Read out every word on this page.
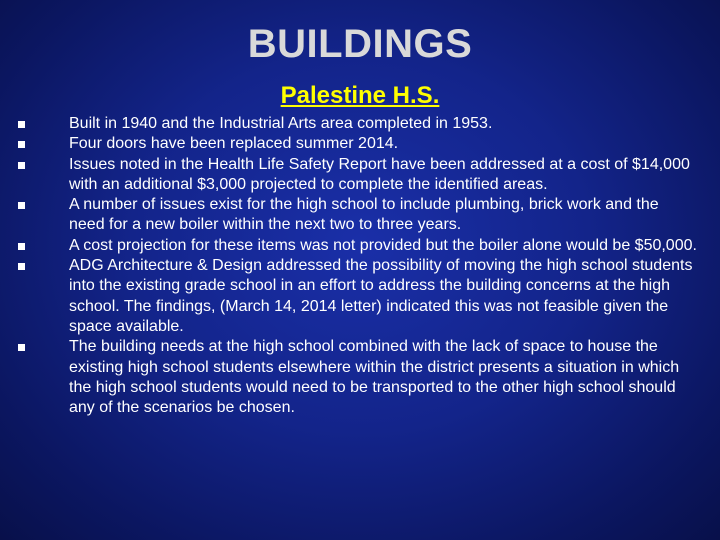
BUILDINGS
Palestine H.S.
Built in 1940 and the Industrial Arts area completed in 1953.
Four doors have been replaced summer 2014.
Issues noted in the Health Life Safety Report have been addressed at a cost of $14,000 with an additional $3,000 projected to complete the identified areas.
A number of issues exist for the high school to include plumbing, brick work and the need for a new boiler within the next two to three years.
A cost projection for these items was not provided but the boiler alone would be $50,000.
ADG Architecture & Design addressed the possibility of moving the high school students into the existing grade school in an effort to address the building concerns at the high school. The findings, (March 14, 2014 letter) indicated this was not feasible given the space available.
The building needs at the high school combined with the lack of space to house the existing high school students elsewhere within the district presents a situation in which the high school students would need to be transported to the other high school should any of the scenarios be chosen.
